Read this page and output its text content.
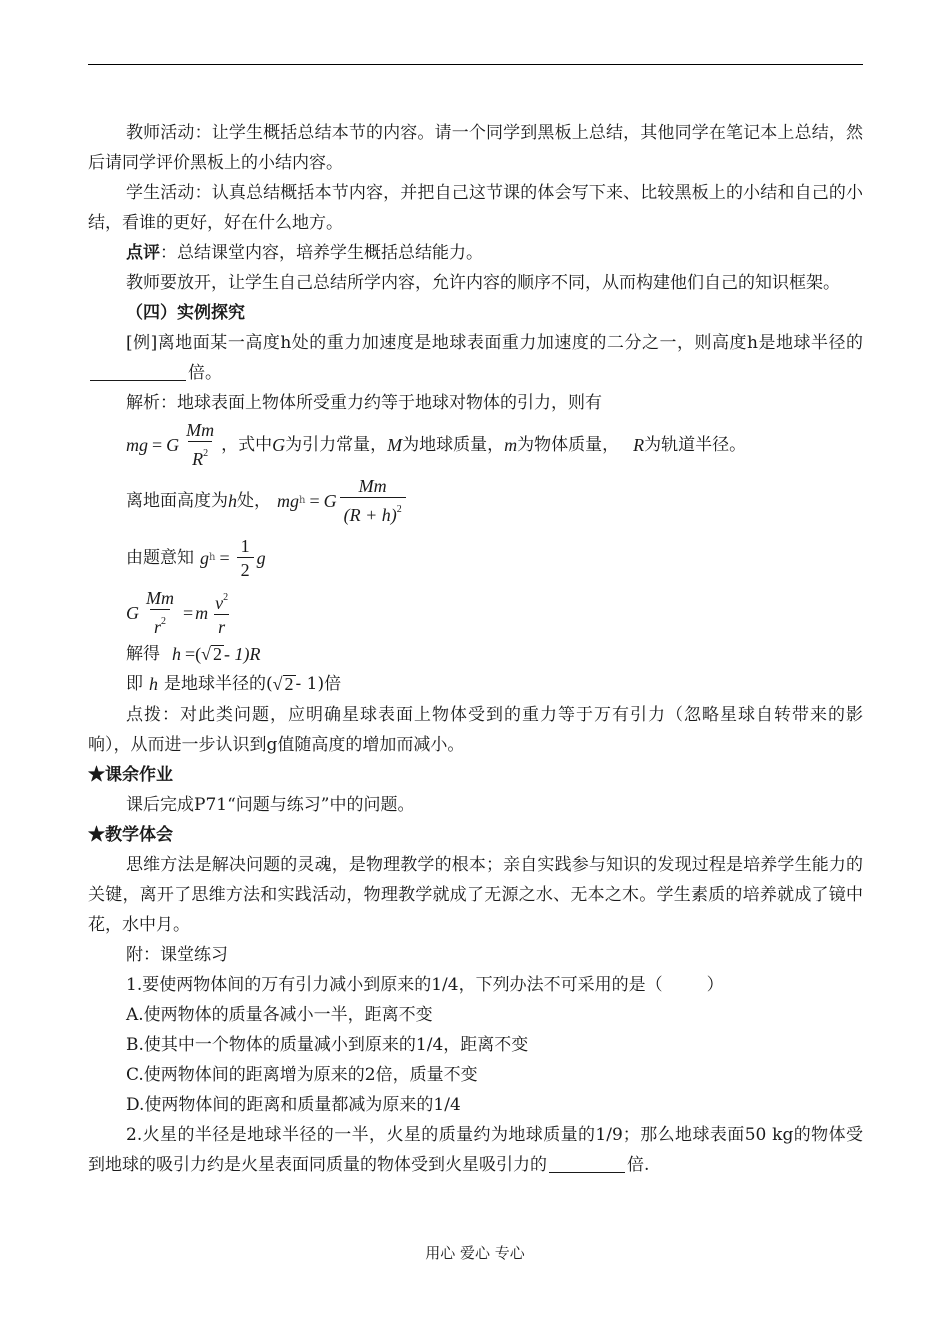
教师活动：让学生概括总结本节的内容。请一个同学到黑板上总结，其他同学在笔记本上总结，然后请同学评价黑板上的小结内容。

学生活动：认真总结概括本节内容，并把自己这节课的体会写下来、比较黑板上的小结和自己的小结，看谁的更好，好在什么地方。

点评：总结课堂内容，培养学生概括总结能力。

教师要放开，让学生自己总结所学内容，允许内容的顺序不同，从而构建他们自己的知识框架。

（四）实例探究

[例]离地面某一高度h处的重力加速度是地球表面重力加速度的二分之一，则高度h是地球半径的倍。

解析：地球表面上物体所受重力约等于地球对物体的引力，则有

mg = G $\frac{Mm}{R^2}$ ，式中 G 为引力常量， M 为地球质量， m 为物体质量， R 为轨道半径。
离地面高度为 h 处， mg h = G $\frac{Mm}{(R + h)^2}$
由题意知 g $h = \frac{1}{2}$ g
G $\frac{Mm}{r^2} = m \frac{v^2}{r}$
解得 h =( √ 2 - 1)R
即 h 是地球半径的( √ 2 - 1)倍

点拨：对此类问题，应明确星球表面上物体受到的重力等于万有引力（忽略星球自转带来的影响），从而进一步认识到g值随高度的增加而减小。

★课余作业

课后完成P71“问题与练习”中的问题。

★教学体会

思维方法是解决问题的灵魂，是物理教学的根本；亲自实践参与知识的发现过程是培养学生能力的关键，离开了思维方法和实践活动，物理教学就成了无源之水、无本之木。学生素质的培养就成了镜中花，水中月。

附：课堂练习

1.要使两物体间的万有引力减小到原来的1/4，下列办法不可采用的是（	）

A.使两物体的质量各减小一半，距离不变

B.使其中一个物体的质量减小到原来的1/4，距离不变

C.使两物体间的距离增为原来的2倍，质量不变

D.使两物体间的距离和质量都减为原来的1/4

2.火星的半径是地球半径的一半，火星的质量约为地球质量的1/9；那么地球表面50 kg的物体受到地球的吸引力约是火星表面同质量的物体受到火星吸引力的	倍.

用心 爱心 专心
